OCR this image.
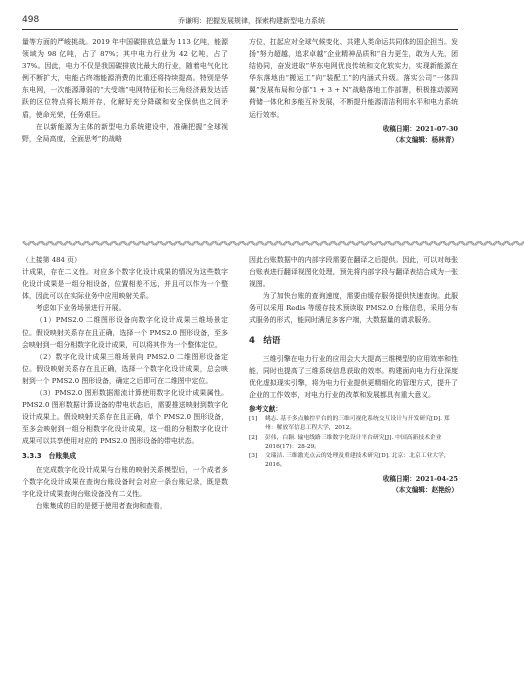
498	乔谦明：把握发展规律，探索构建新型电力系统

量等方面的严峻挑战。2019 年中国碳排放总量为 113 亿吨，能源领域为 98 亿吨，占了 87%；其中电力行业为 42 亿吨，占了 37%。因此，电力不仅是我国碳排放比最大的行业，随着电气化比例不断扩大，电能占终端能源消费的比重还将持续提高。特别是华东电网，一次能源薄弱的“大受端”电网特征和长三角经济最发达活跃的区位特点将长期并存，化解好充分降碳和安全保供也之间矛盾，使命光荣，任务艰巨。

在以新能源为主体的新型电力系统建设中，准确把握“全球视野，全局高度，全面思考”的战略

方位，扛起应对全球气候变化、共建人类命运共同体的国企担当。发扬“努力超越，追求卓越”企业精神品质和“自力更生，敢为人先，团结协同，奋发进取”华东电网优良传统和文化软实力，实现新能源在华东落地由“搬运工”向“装配工”的内涵式升级。落实公司“一体四翼”发展布局和分部“1 + 3 + N”战略落地工作部署，积极推动源网荷储一体化和多能互补发展，不断提升能源清洁利用水平和电力系统运行效率。

收稿日期：2021-07-30
（本文编辑：杨林青）
✎✐✎✐✎✐✎✐✎✐✎✐✎✐✎✐✎✐✎✐✎✐✎✐✎✐✎✐✎✐✎✐✎✐✎✐✎✐✎✐✎✐✎✐✎✐✎✐✎✐✎✐✎✐✎✐✎✐✎✐✎✐✎✐✎✐✎✐✎✐✎✐✎✐✎✐✎✐✎✐✎✐✎✐✎✐✎✐✎✐✎✐✎✐✎✐✎✐✎✐✎✐✎✐✎✐✎✐✎✐

（上接第 484 页）

计成果，存在二义性。对应多个数字化设计成果的情况为这些数字化设计成果是一组分相设备，位置相差不远，并且可以作为一个整体，因此可以在实际业务中应用映射关系。

考虑如下业务场景进行开展。

（1）PMS2.0 二维图形设备向数字化设计成果三维场景定位。假设映射关系存在且正确，选择一个 PMS2.0 图形设备，至多会映射到一组分相数字化设计成果，可以将其作为一个整体定位。

（2）数字化设计成果三维场景向 PMS2.0 二维图形设备定位。假设映射关系存在且正确，选择一个数字化设计成果，总会映射到一个 PMS2.0 图形设备，确定之后即可在二维图中定位。

（3）PMS2.0 图形数据需流计算使用数字化设计成果属性。PMS2.0 图形数据计算设备的带电状态后，需要推送映射到数字化设计成果上。假设映射关系存在且正确，单个 PMS2.0 图形设备，至多会映射到一组分相数字化设计成果，这一组的分相数字化设计成果可以共享使用对应的 PMS2.0 图形设备的带电状态。

3.3.3　台账集成

在完成数字化设计成果与台账的映射关系模型后，一个成者多个数字化设计成果在查询台账设备时会对应一条台账记录，既是数字化设计成果查询台账设备没有二义性。

台账集成的目的是便于使用者查询和查看，

因此台账数据中的内部字段需要在翻译之后提供。因此，可以对每张台账表进行翻译视图化处理，预先将内部字段与翻译表结合成为一张视图。

为了加快台账的查询速度，需要由缓存服务提供快速查询。此服务可以采用 Redis 等缓存技术预读取 PMS2.0 台账信息，采用分布式服务的形式，能同时满足多客户端，大数据量的请求服务。

4　结语

三维引擎在电力行业的应用会大大提高三维模型的应用效率和性能，同时也提高了三维系统信息获取的效率。构建面向电力行业深度优化虚拟现实引擎，将为电力行业提供更精细化的管理方式，提升了企业的工作效率，对电力行业的改革和发展都具有重大意义。

参考文献：
[1]	姚志. 基于多点触控平台的的三维可视化系统交互设计与开发研究[D]. 郑州：解放军信息工程大学，2012。
[2]	彭伟，白颖. 输电线路三维数字化设计平台研究[J]. 中国高新技术企业 2016(17)：28-29。
[3]	文瑞洁. 三维激光点云的处理及重建技术研究[D]. 北京：北京工业大学，2016。
收稿日期：2021-04-25
（本文编辑：赵艳纷）
